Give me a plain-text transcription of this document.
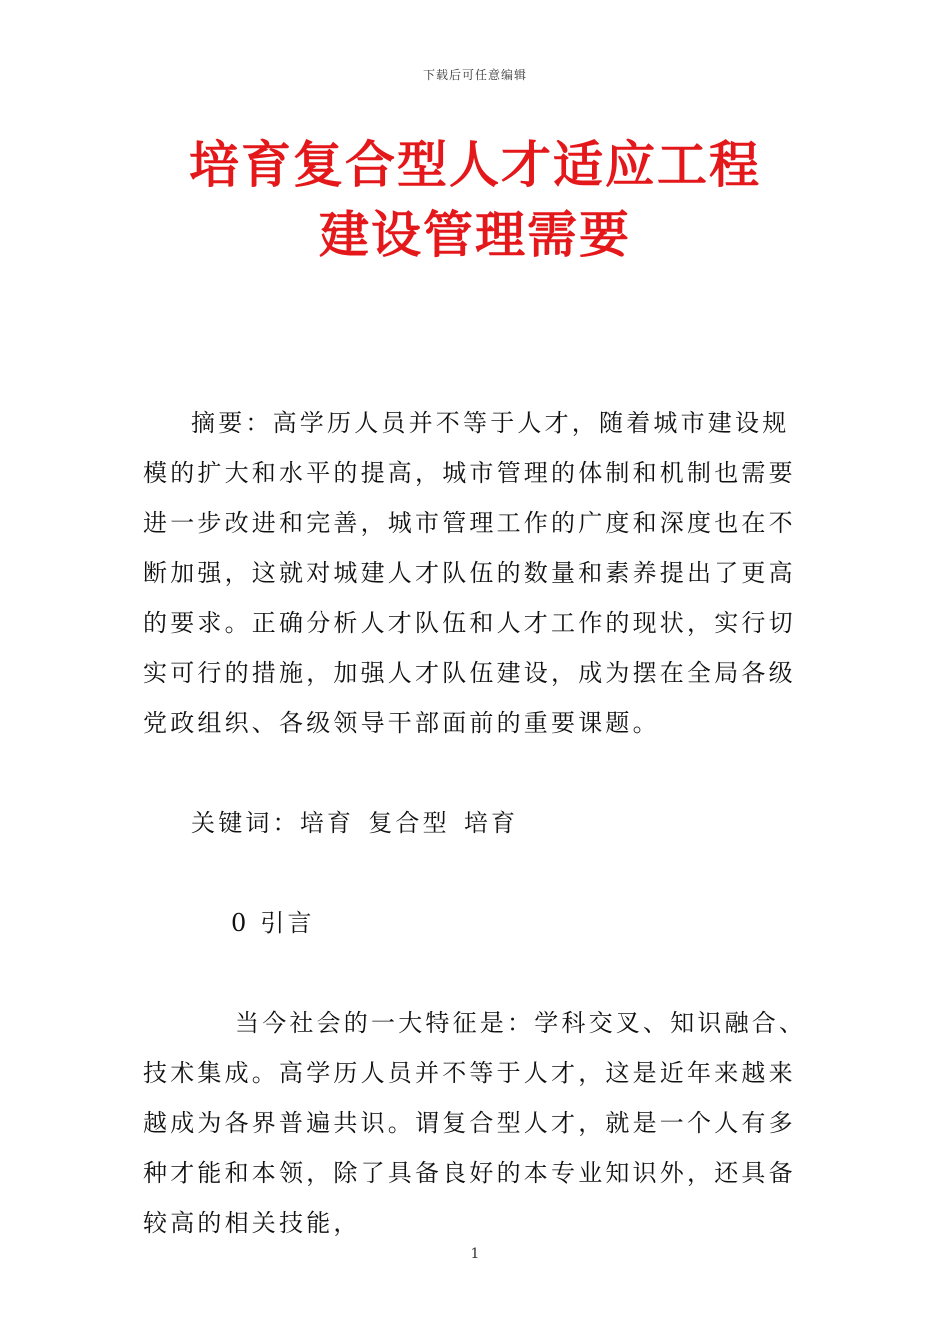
下载后可任意编辑
培育复合型人才适应工程
建设管理需要
摘要：高学历人员并不等于人才，随着城市建设规模的扩大和水平的提高，城市管理的体制和机制也需要进一步改进和完善，城市管理工作的广度和深度也在不断加强，这就对城建人才队伍的数量和素养提出了更高的要求。正确分析人才队伍和人才工作的现状，实行切实可行的措施，加强人才队伍建设，成为摆在全局各级党政组织、各级领导干部面前的重要课题。
关键词：培育 复合型 培育
0 引言
当今社会的一大特征是：学科交叉、知识融合、技术集成。高学历人员并不等于人才，这是近年来越来越成为各界普遍共识。谓复合型人才，就是一个人有多种才能和本领，除了具备良好的本专业知识外，还具备较高的相关技能，
1
